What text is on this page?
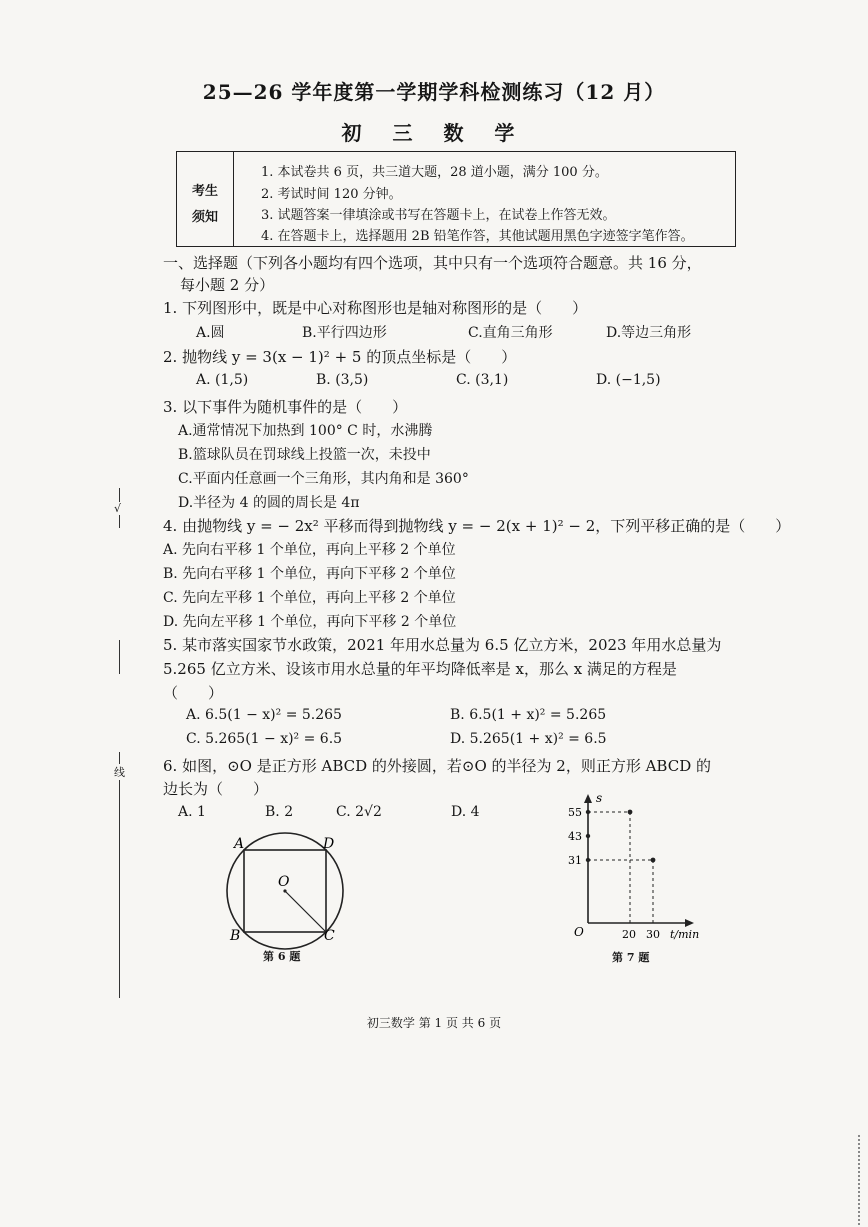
25—26 学年度第一学期学科检测练习（12 月）
初 三 数 学
考生
须知
1. 本试卷共 6 页，共三道大题，28 道小题，满分 100 分。
2. 考试时间 120 分钟。
3. 试题答案一律填涂或书写在答题卡上，在试卷上作答无效。
4. 在答题卡上，选择题用 2B 铅笔作答，其他试题用黑色字迹签字笔作答。
一、选择题（下列各小题均有四个选项，其中只有一个选项符合题意。共 16 分，
每小题 2 分）
1. 下列图形中，既是中心对称图形也是轴对称图形的是（　　）
A.圆	B.平行四边形	C.直角三角形	D.等边三角形
2. 抛物线 y = 3(x − 1)² + 5 的顶点坐标是（　　）
A. (1,5)	B. (3,5)	C. (3,1)	D. (−1,5)
3. 以下事件为随机事件的是（　　）
A.通常情况下加热到 100° C 时，水沸腾
B.篮球队员在罚球线上投篮一次，未投中
C.平面内任意画一个三角形，其内角和是 360°
D.半径为 4 的圆的周长是 4π
4. 由抛物线 y = − 2x² 平移而得到抛物线 y = − 2(x + 1)² − 2，下列平移正确的是（　　）
A. 先向右平移 1 个单位，再向上平移 2 个单位
B. 先向右平移 1 个单位，再向下平移 2 个单位
C. 先向左平移 1 个单位，再向上平移 2 个单位
D. 先向左平移 1 个单位，再向下平移 2 个单位
5. 某市落实国家节水政策，2021 年用水总量为 6.5 亿立方米，2023 年用水总量为
5.265 亿立方米、设该市用水总量的年平均降低率是 x，那么 x 满足的方程是
（　　）
A. 6.5(1 − x)² = 5.265	B. 6.5(1 + x)² = 5.265
C. 5.265(1 − x)² = 6.5	D. 5.265(1 + x)² = 6.5
6. 如图，⊙O 是正方形 ABCD 的外接圆，若⊙O 的半径为 2，则正方形 ABCD 的
边长为（　　）
A. 1	B. 2	C. 2√2	D. 4
A	D
B	C
O
第 6 题
s
55
43
31
O	20 30 t/min
第 7 题
√
线
初三数学 第 1 页 共 6 页
